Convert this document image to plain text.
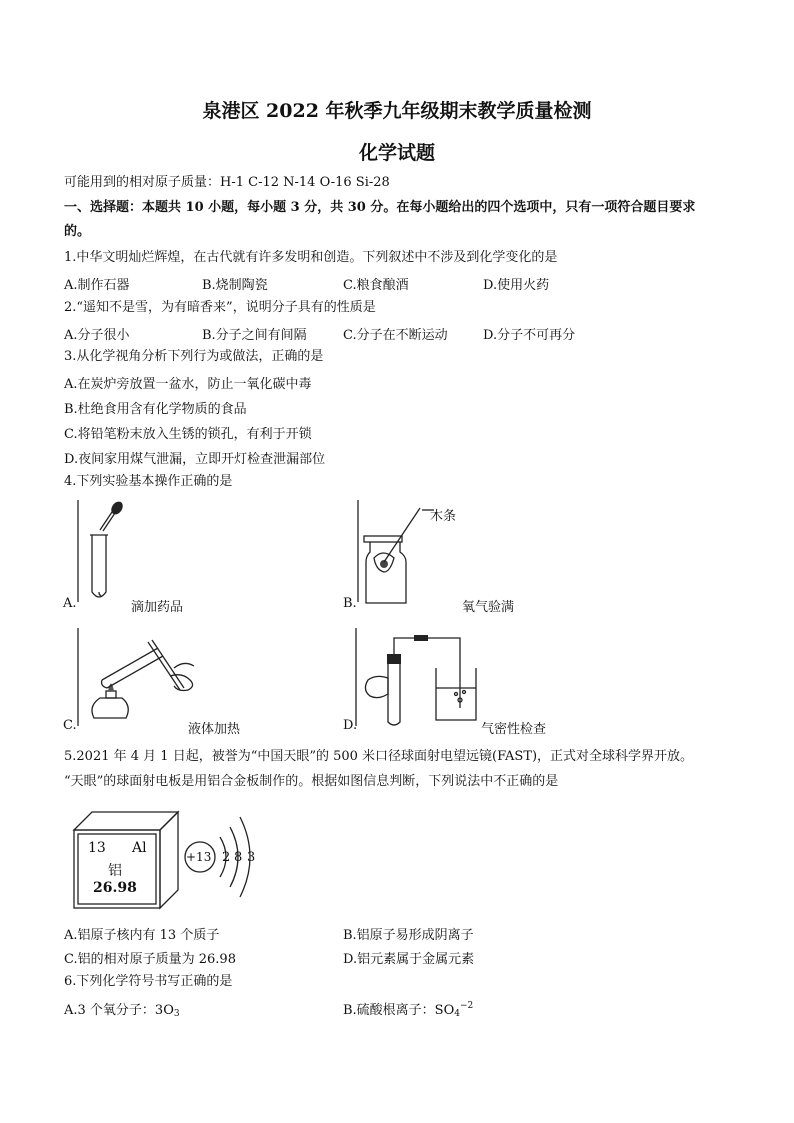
泉港区 2022 年秋季九年级期末教学质量检测
化学试题
可能用到的相对原子质量：H-1 C-12 N-14 O-16 Si-28
一、选择题：本题共 10 小题，每小题 3 分，共 30 分。在每小题给出的四个选项中，只有一项符合题目要求
的。
1.中华文明灿烂辉煌，在古代就有许多发明和创造。下列叙述中不涉及到化学变化的是
A.制作石器	B.烧制陶瓷	C.粮食酿酒	D.使用火药
2.“遥知不是雪，为有暗香来”，说明分子具有的性质是
A.分子很小	B.分子之间有间隔	C.分子在不断运动	D.分子不可再分
3.从化学视角分析下列行为或做法，正确的是
A.在炭炉旁放置一盆水，防止一氧化碳中毒
B.杜绝食用含有化学物质的食品
C.将铅笔粉末放入生锈的锁孔，有利于开锁
D.夜间家用煤气泄漏，立即开灯检查泄漏部位
4.下列实验基本操作正确的是
A.	滴加药品
木条
B.	氧气验满
C.	液体加热	D.	气密性检查
5.2021 年 4 月 1 日起，被誉为“中国天眼”的 500 米口径球面射电望远镜(FAST)，正式对全球科学界开放。
“天眼”的球面射电板是用铝合金板制作的。根据如图信息判断，下列说法中不正确的是
13 Al
铝
26.98
+13 2 8 3
A.铝原子核内有 13 个质子	B.铝原子易形成阴离子
C.铝的相对原子质量为 26.98	D.铝元素属于金属元素
6.下列化学符号书写正确的是
A.3 个氧分子：$3O_3$	B.硫酸根离子：$SO_4^{-2}$
